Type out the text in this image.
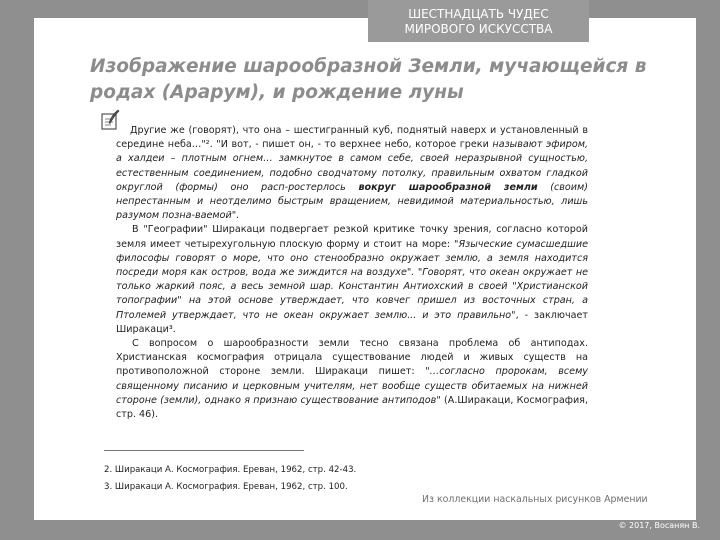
ШЕСТНАДЦАТЬ ЧУДЕС
МИРОВОГО ИСКУССТВА
Изображение шарообразной Земли, мучающейся в
родах (Арарум), и рождение луны

Другие же (говорят), что она – шестигранный куб, поднятый наверх и установленный в середине неба…"². "И вот, - пишет он, - то верхнее небо, которое греки называют эфиром, а халдеи – плотным огнем… замкнутое в самом себе, своей неразрывной сущностью, естественным соединением, подобно сводчатому потолку, правильным охватом гладкой округлой (формы) оно расп-ростерлось вокруг шарообразной земли (своим) непрестанным и неотделимо быстрым вращением, невидимой материальностью, лишь разумом позна-ваемой".

В "Географии" Ширакаци подвергает резкой критике точку зрения, согласно которой земля имеет четырехугольную плоскую форму и стоит на море: "Языческие сумасшедшие философы говорят о море, что оно стенообразно окружает землю, а земля находится посреди моря как остров, вода же зиждится на воздухе". "Говорят, что океан окружает не только жаркий пояс, а весь земной шар. Константин Антиохский в своей "Христианской топографии" на этой основе утверждает, что ковчег пришел из восточных стран, а Птолемей утверждает, что не океан окружает землю... и это правильно", - заключает Ширакаци³.

С вопросом о шарообразности земли тесно связана проблема об антиподах. Христианская космография отрицала существование людей и живых существ на противоположной стороне земли. Ширакаци пишет: "…согласно пророкам, всему священному писанию и церковным учителям, нет вообще существ обитаемых на нижней стороне (земли), однако я признаю существование антиподов" (А.Ширакаци, Космография, стр. 46).

2. Ширакаци А. Космография. Ереван, 1962, стр. 42-43.
3. Ширакаци А. Космография. Ереван, 1962, стр. 100.
Из коллекции наскальных рисунков Армении
© 2017, Восанян В.
